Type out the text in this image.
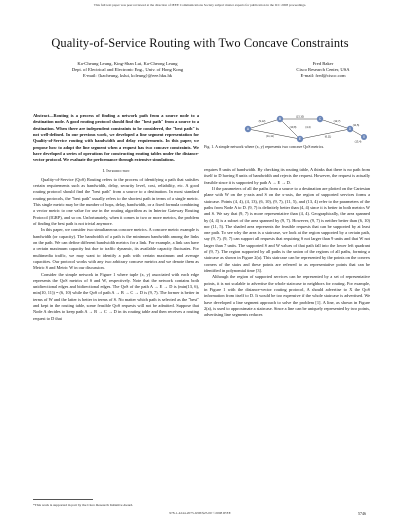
This full text paper was peer reviewed at the direction of IEEE Communications Society subject matter experts for publication in the ICC 2008 proceedings.
Quality-of-Service Routing with Two Concave Constraints
Ka-Cheung Leung, King-Shan Lui, Ka-Cheong Leung
Dept. of Electrical and Electronic Eng., Univ. of Hong Kong
E-mail: {kacheung, kslui, kcleung}@eee.hku.hk
Fred Baker
Cisco Research Center, USA
E-mail: fred@cisco.com

Abstract—Routing is a process of finding a network path from a source node to a destination node. A good routing protocol should find the "best path" from a source to a destination. When there are independent constraints to be considered, the "best path" is not well-defined. In our previous work, we developed a line segment representation for Quality-of-Service routing with bandwidth and delay requirements. In this paper, we propose how to adopt the line segment when a request has two concave constraints. We have developed a series of operations for constructing routing tables under the distance-vector protocol. We evaluate the performance through extensive simulations.

I. Introduction

Quality-of-Service (QoS) Routing refers to the process of identifying a path that satisfies certain requirements such as bandwidth, delay, security level, cost, reliability, etc. A good routing protocol should find the "best path" from a source to a destination. In most standard routing protocols, the "best path" usually refers to the shortest path in terms of a single metric. This single metric may be the number of hops, delay, bandwidth, or a fixed formula combining a vector metric to one value for use in the routing algorithm as in Interior Gateway Routing Protocol (IGRP), and so on. Unfortunately, when it comes to two or more metrics, the problem of finding the best path is not trivial anymore.

In this paper, we consider two simultaneous concave metrics. A concave metric example is bandwidth (or capacity). The bandwidth of a path is the minimum bandwidth among the links on the path. We can define different bandwidth metrics for a link. For example, a link can have a certain maximum capacity but due to traffic dynamic, its available capacity fluctuates. For multimedia traffic, we may want to identify a path with certain maximum and average capacities. Our protocol works with any two arbitrary concave metrics and we denote them as Metric S and Metric W in our discussion.

Consider the simple network in Figure 1 where tuple (x, y) associated with each edge represents the QoS metrics of S and W, respectively. Note that the network contains both unidirectional edges and bidirectional edges. The QoS of the path A → E → D is (min(13, 6), min(10, 11)) = (6, 10) while the QoS of path A → B → C → D is (9, 7). The former is better in terms of W and the latter is better in terms of S. No matter which path is selected as the "best" and kept in the routing table, some feasible QoS requests will not be admitted. Suppose that Node A decides to keep path A → B → C → D in its routing table and then receives a routing request to D that

*This work is supported in part by the Cisco Research Initiative Award.
A
B	C
D
E	X
(9,12)
(13,10)
(12,7)
(11,11)	(6,11)
(10,8)	(4,4)
(11,5)
(13,4)
Fig. 1. A simple network where (x, y) represents two concave QoS metrics.

requires 8 units of bandwidth. By checking its routing table, A thinks that there is no path from itself to D having 8 units of bandwidth and rejects the request. However, the request is actually feasible since it is supported by path A → E → D.

If the parameters of all the paths from a source to a destination are plotted on the Cartesian plane with W on the y-axis and S on the x-axis, the region of supported services forms a staircase. Points (4, 4), (4, 13), (6, 10), (9, 7), (11, 5), and (13, 4) refer to the parameters of the paths from Node A to D. (9, 7) is definitely better than (4, 4) since it is better in both metrics W and S. We say that (9, 7) is more representative than (4, 4). Geographically, the area spanned by (4, 4) is a subset of the area spanned by (9, 7). However, (9, 7) is neither better than (6, 10) nor (11, 5). The shaded area represents the feasible requests that can be supported by at least one path. To see why the area is a staircase, we look at the region supported by a certain path, say (9, 7). (9, 7) can support all requests that requiring S not larger than 9 units and that W not larger than 7 units. The supported S and W values of that path fall into the lower left quadrant of (9, 7). The region supported by all paths is the union of the regions of all paths, forming a staircase as shown in Figure 2(a). This staircase can be represented by the points on the convex corners of the stairs and these points are referred to as representative points that can be identified in polynomial time [3].

Although the region of supported services can be represented by a set of representative points, it is not scalable to advertise the whole staircase to neighbors for routing. For example, in Figure 1 with the distance-vector routing protocol, A should advertise to X the QoS information from itself to D. It would be too expensive if the whole staircase is advertised. We have developed a line segment approach to solve the problem [1]. A line, as shown in Figure 2(a), is used to approximate a staircase. Since a line can be uniquely represented by two points, advertising line segments reduces

978-1-4244-2075-9/08/$25.00 ©2008 IEEE	5746
